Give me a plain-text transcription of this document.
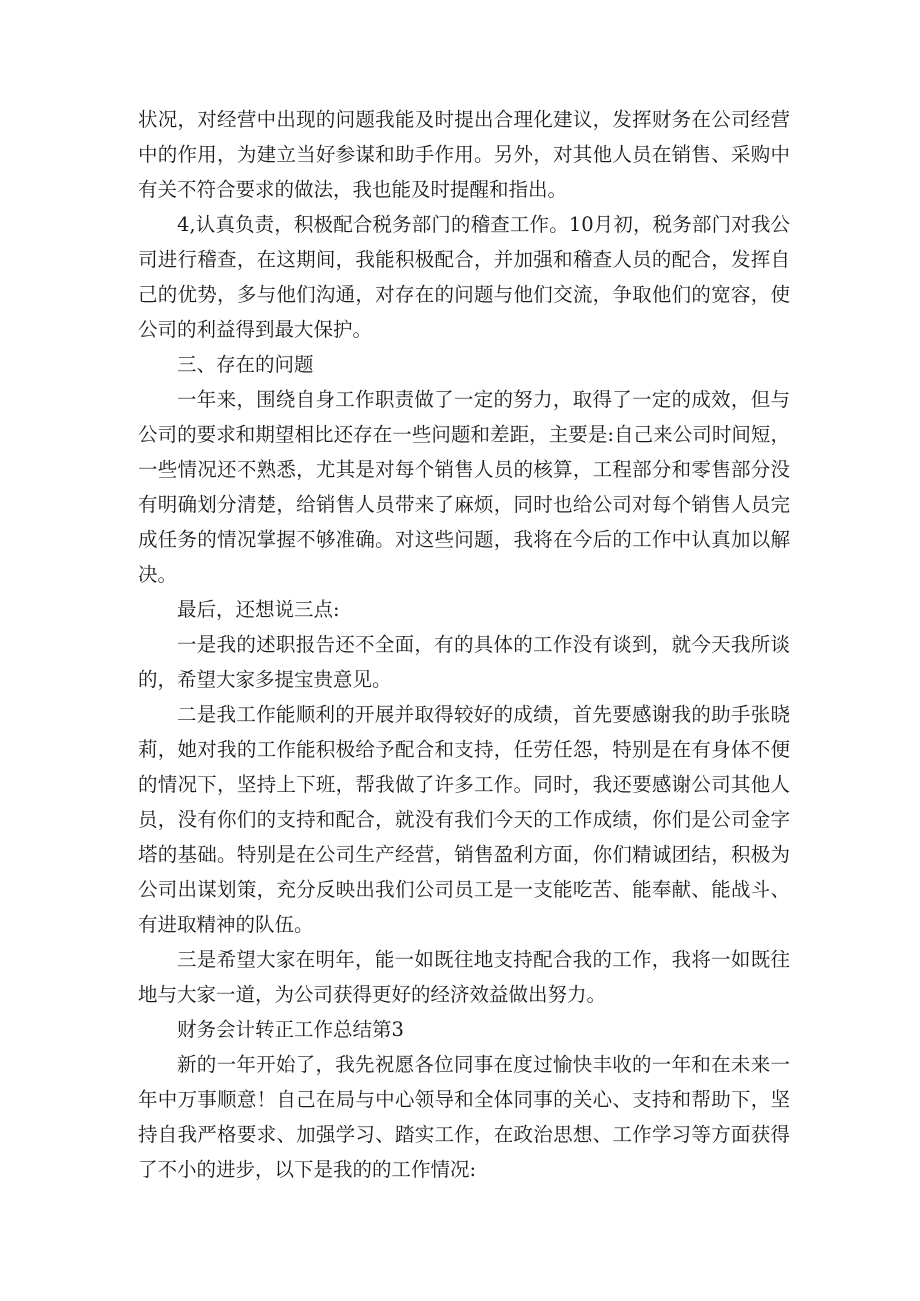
状况，对经营中出现的问题我能及时提出合理化建议，发挥财务在公司经营中的作用，为建立当好参谋和助手作用。另外，对其他人员在销售、采购中有关不符合要求的做法，我也能及时提醒和指出。

4,认真负责，积极配合税务部门的稽查工作。10月初，税务部门对我公司进行稽查，在这期间，我能积极配合，并加强和稽查人员的配合，发挥自己的优势，多与他们沟通，对存在的问题与他们交流，争取他们的宽容，使公司的利益得到最大保护。

三、存在的问题

一年来，围绕自身工作职责做了一定的努力，取得了一定的成效，但与公司的要求和期望相比还存在一些问题和差距，主要是:自己来公司时间短，一些情况还不熟悉，尤其是对每个销售人员的核算，工程部分和零售部分没有明确划分清楚，给销售人员带来了麻烦，同时也给公司对每个销售人员完成任务的情况掌握不够准确。对这些问题，我将在今后的工作中认真加以解决。

最后，还想说三点:

一是我的述职报告还不全面，有的具体的工作没有谈到，就今天我所谈的，希望大家多提宝贵意见。

二是我工作能顺利的开展并取得较好的成绩，首先要感谢我的助手张晓莉，她对我的工作能积极给予配合和支持，任劳任怨，特别是在有身体不便的情况下，坚持上下班，帮我做了许多工作。同时，我还要感谢公司其他人员，没有你们的支持和配合，就没有我们今天的工作成绩，你们是公司金字塔的基础。特别是在公司生产经营，销售盈利方面，你们精诚团结，积极为公司出谋划策，充分反映出我们公司员工是一支能吃苦、能奉献、能战斗、有进取精神的队伍。

三是希望大家在明年，能一如既往地支持配合我的工作，我将一如既往地与大家一道，为公司获得更好的经济效益做出努力。

财务会计转正工作总结第3

新的一年开始了，我先祝愿各位同事在度过愉快丰收的一年和在未来一年中万事顺意！自己在局与中心领导和全体同事的关心、支持和帮助下，坚持自我严格要求、加强学习、踏实工作，在政治思想、工作学习等方面获得了不小的进步，以下是我的的工作情况:
